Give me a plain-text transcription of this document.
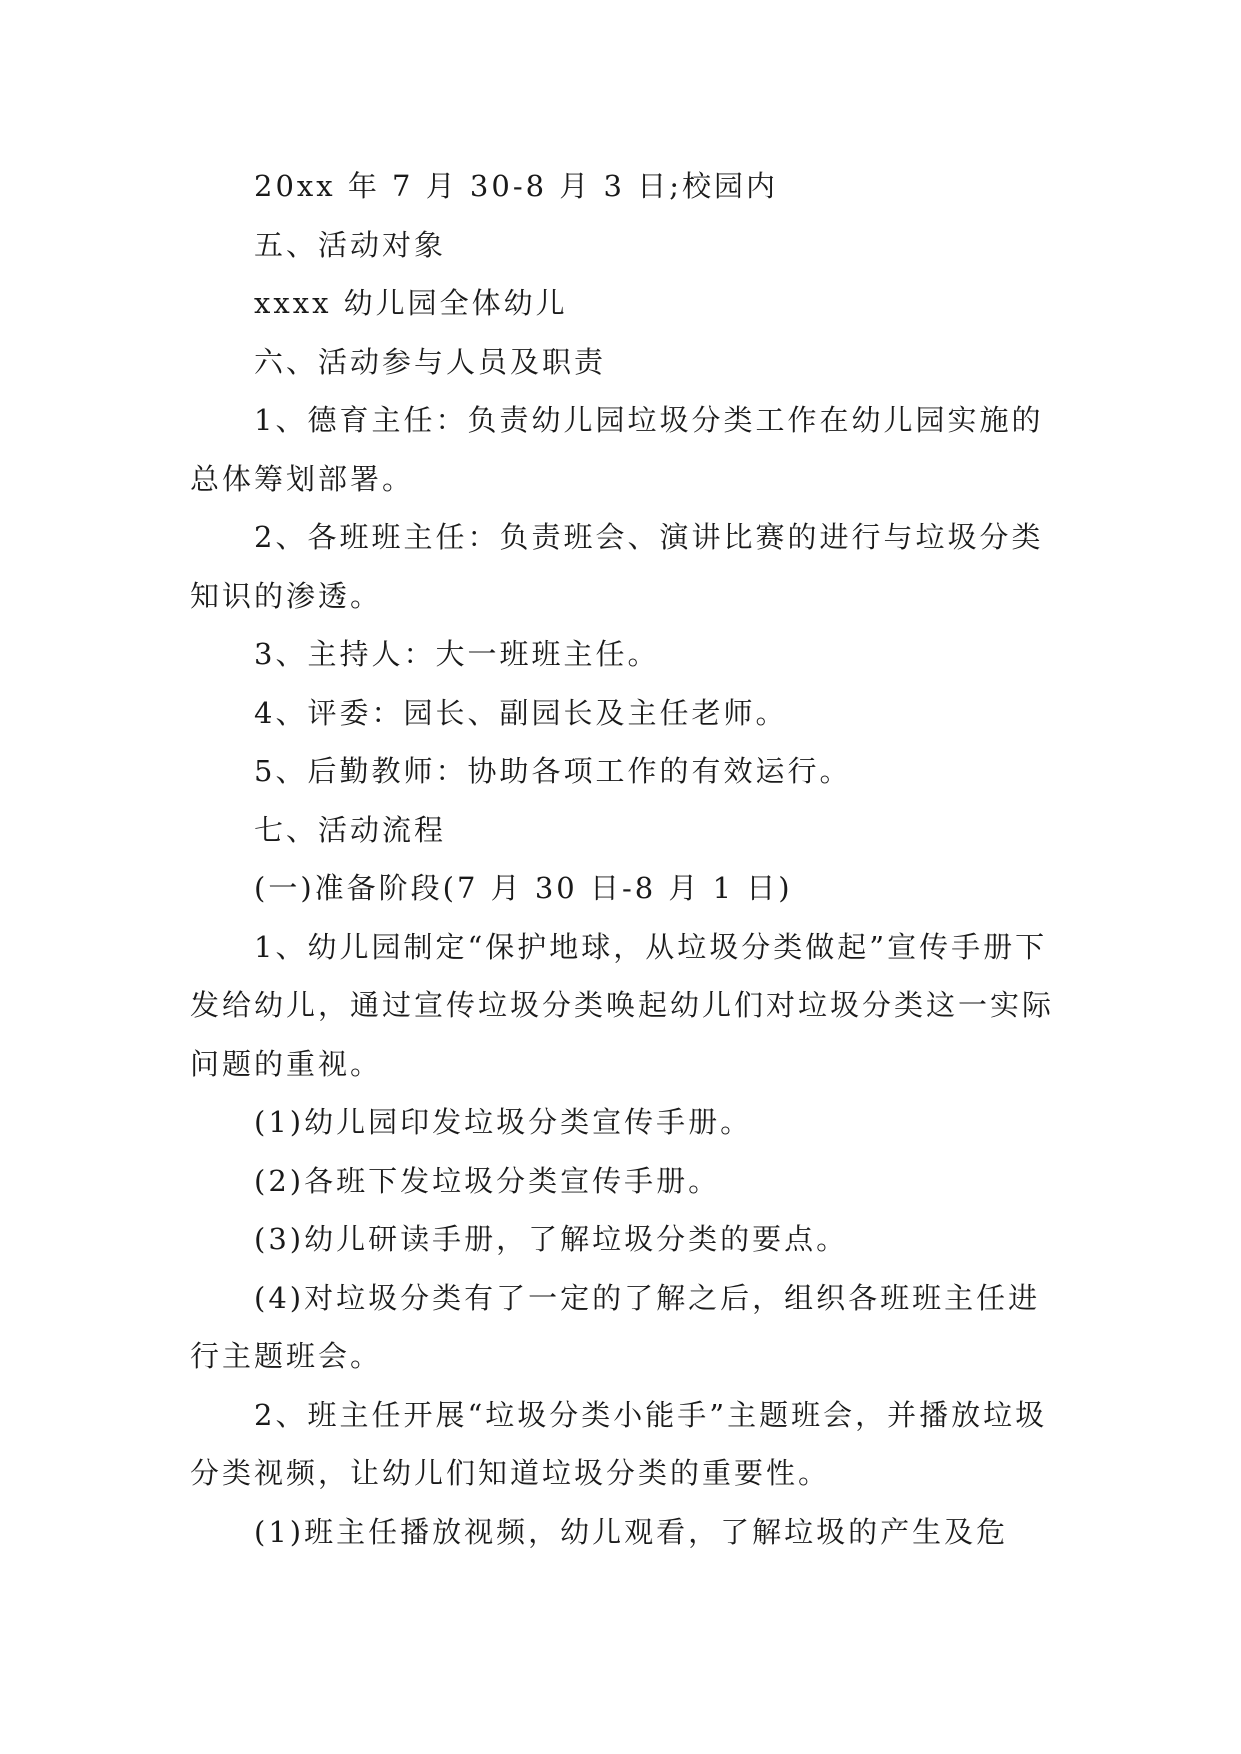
20xx 年 7 月 30-8 月 3 日;校园内

五、活动对象

xxxx 幼儿园全体幼儿

六、活动参与人员及职责

1、德育主任：负责幼儿园垃圾分类工作在幼儿园实施的总体筹划部署。

2、各班班主任：负责班会、演讲比赛的进行与垃圾分类知识的渗透。

3、主持人：大一班班主任。

4、评委：园长、副园长及主任老师。

5、后勤教师：协助各项工作的有效运行。

七、活动流程

(一)准备阶段(7 月 30 日-8 月 1 日)

1、幼儿园制定“保护地球，从垃圾分类做起”宣传手册下发给幼儿，通过宣传垃圾分类唤起幼儿们对垃圾分类这一实际问题的重视。

(1)幼儿园印发垃圾分类宣传手册。

(2)各班下发垃圾分类宣传手册。

(3)幼儿研读手册，了解垃圾分类的要点。

(4)对垃圾分类有了一定的了解之后，组织各班班主任进行主题班会。

2、班主任开展“垃圾分类小能手”主题班会，并播放垃圾分类视频，让幼儿们知道垃圾分类的重要性。

(1)班主任播放视频，幼儿观看，了解垃圾的产生及危
